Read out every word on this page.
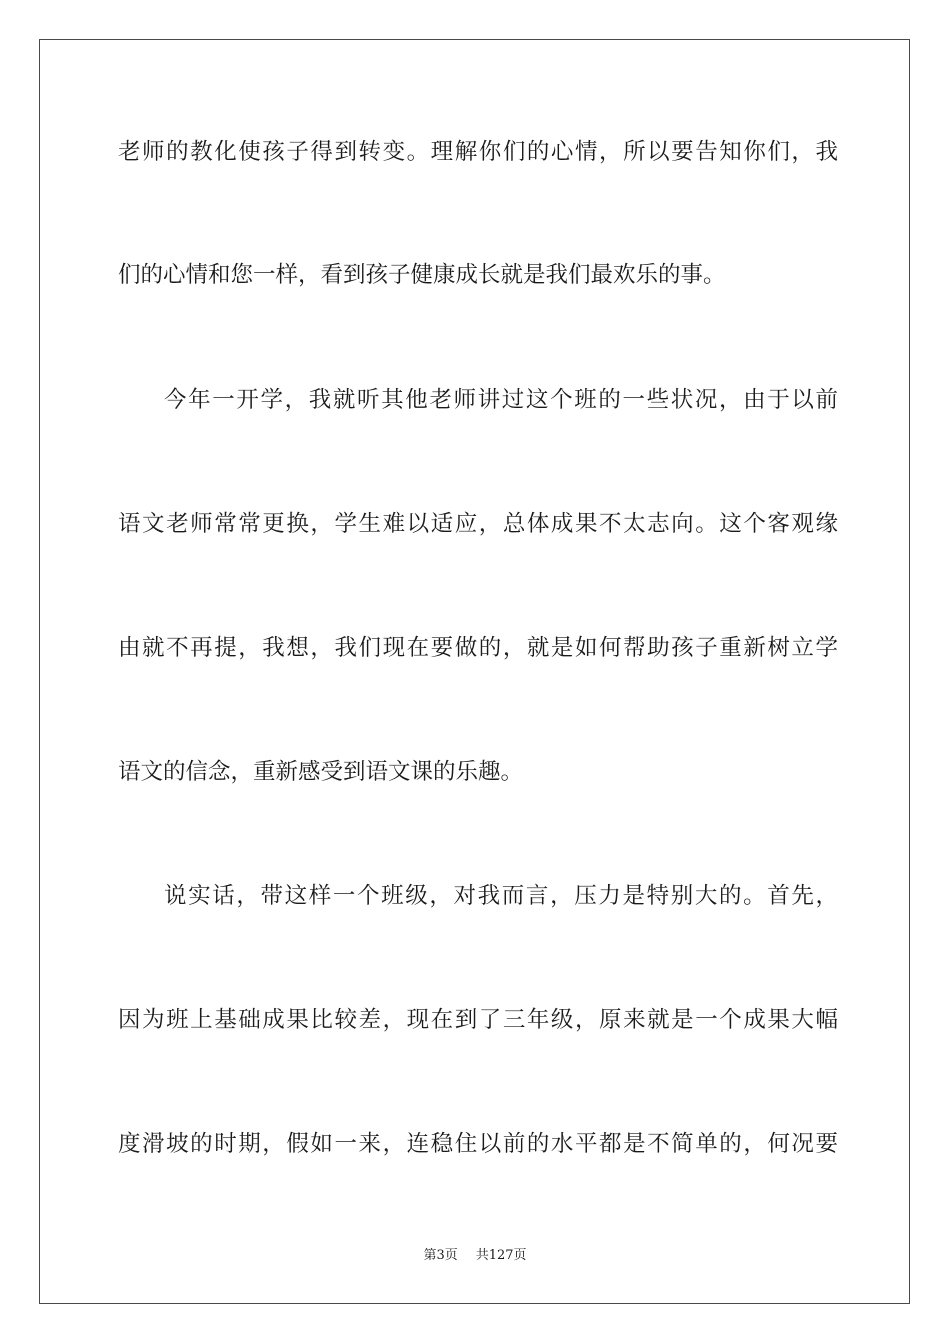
老师的教化使孩子得到转变。理解你们的心情，所以要告知你们，我
们的心情和您一样，看到孩子健康成长就是我们最欢乐的事。
今年一开学，我就听其他老师讲过这个班的一些状况，由于以前
语文老师常常更换，学生难以适应，总体成果不太志向。这个客观缘
由就不再提，我想，我们现在要做的，就是如何帮助孩子重新树立学
语文的信念，重新感受到语文课的乐趣。
说实话，带这样一个班级，对我而言，压力是特别大的。首先，
因为班上基础成果比较差，现在到了三年级，原来就是一个成果大幅
度滑坡的时期，假如一来，连稳住以前的水平都是不简单的，何况要
第3页 共127页
